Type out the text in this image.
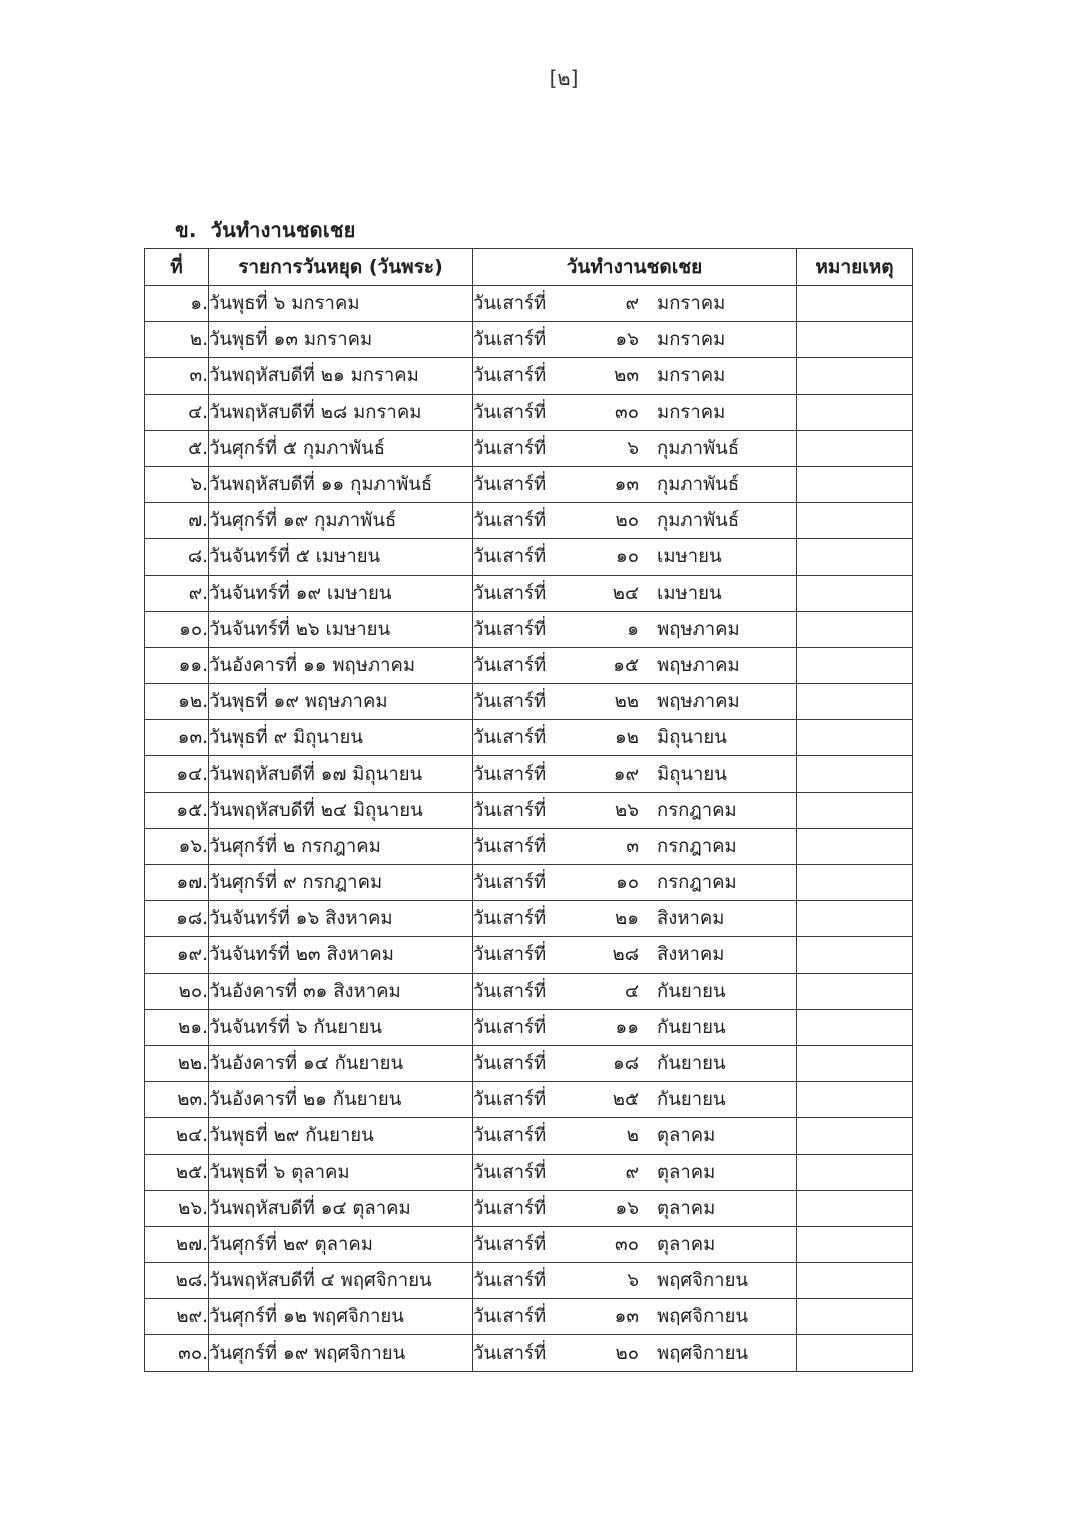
[๒]
ข. วันทำงานชดเชย
ที่	รายการวันหยุด (วันพระ)	วันทำงานชดเชย	หมายเหตุ
๑.	วันพุธที่ ๖ มกราคม	วันเสาร์ที่ ๙ มกราคม	

๒.	วันพุธที่ ๑๓ มกราคม	วันเสาร์ที่ ๑๖ มกราคม	

๓.	วันพฤหัสบดีที่ ๒๑ มกราคม	วันเสาร์ที่ ๒๓ มกราคม	

๔.	วันพฤหัสบดีที่ ๒๘ มกราคม	วันเสาร์ที่ ๓๐ มกราคม	

๕.	วันศุกร์ที่ ๕ กุมภาพันธ์	วันเสาร์ที่ ๖ กุมภาพันธ์	

๖.	วันพฤหัสบดีที่ ๑๑ กุมภาพันธ์	วันเสาร์ที่ ๑๓ กุมภาพันธ์	

๗.	วันศุกร์ที่ ๑๙ กุมภาพันธ์	วันเสาร์ที่ ๒๐ กุมภาพันธ์	

๘.	วันจันทร์ที่ ๕ เมษายน	วันเสาร์ที่ ๑๐ เมษายน	

๙.	วันจันทร์ที่ ๑๙ เมษายน	วันเสาร์ที่ ๒๔ เมษายน	

๑๐.	วันจันทร์ที่ ๒๖ เมษายน	วันเสาร์ที่ ๑ พฤษภาคม	

๑๑.	วันอังคารที่ ๑๑ พฤษภาคม	วันเสาร์ที่ ๑๕ พฤษภาคม	

๑๒.	วันพุธที่ ๑๙ พฤษภาคม	วันเสาร์ที่ ๒๒ พฤษภาคม	

๑๓.	วันพุธที่ ๙ มิถุนายน	วันเสาร์ที่ ๑๒ มิถุนายน	

๑๔.	วันพฤหัสบดีที่ ๑๗ มิถุนายน	วันเสาร์ที่ ๑๙ มิถุนายน	

๑๕.	วันพฤหัสบดีที่ ๒๔ มิถุนายน	วันเสาร์ที่ ๒๖ กรกฎาคม	

๑๖.	วันศุกร์ที่ ๒ กรกฎาคม	วันเสาร์ที่ ๓ กรกฎาคม	

๑๗.	วันศุกร์ที่ ๙ กรกฎาคม	วันเสาร์ที่ ๑๐ กรกฎาคม	

๑๘.	วันจันทร์ที่ ๑๖ สิงหาคม	วันเสาร์ที่ ๒๑ สิงหาคม	

๑๙.	วันจันทร์ที่ ๒๓ สิงหาคม	วันเสาร์ที่ ๒๘ สิงหาคม	

๒๐.	วันอังคารที่ ๓๑ สิงหาคม	วันเสาร์ที่ ๔ กันยายน	

๒๑.	วันจันทร์ที่ ๖ กันยายน	วันเสาร์ที่ ๑๑ กันยายน	

๒๒.	วันอังคารที่ ๑๔ กันยายน	วันเสาร์ที่ ๑๘ กันยายน	

๒๓.	วันอังคารที่ ๒๑ กันยายน	วันเสาร์ที่ ๒๕ กันยายน	

๒๔.	วันพุธที่ ๒๙ กันยายน	วันเสาร์ที่ ๒ ตุลาคม	

๒๕.	วันพุธที่ ๖ ตุลาคม	วันเสาร์ที่ ๙ ตุลาคม	

๒๖.	วันพฤหัสบดีที่ ๑๔ ตุลาคม	วันเสาร์ที่ ๑๖ ตุลาคม	

๒๗.	วันศุกร์ที่ ๒๙ ตุลาคม	วันเสาร์ที่ ๓๐ ตุลาคม	

๒๘.	วันพฤหัสบดีที่ ๔ พฤศจิกายน	วันเสาร์ที่ ๖ พฤศจิกายน	

๒๙.	วันศุกร์ที่ ๑๒ พฤศจิกายน	วันเสาร์ที่ ๑๓ พฤศจิกายน	

๓๐.	วันศุกร์ที่ ๑๙ พฤศจิกายน	วันเสาร์ที่ ๒๐ พฤศจิกายน	
